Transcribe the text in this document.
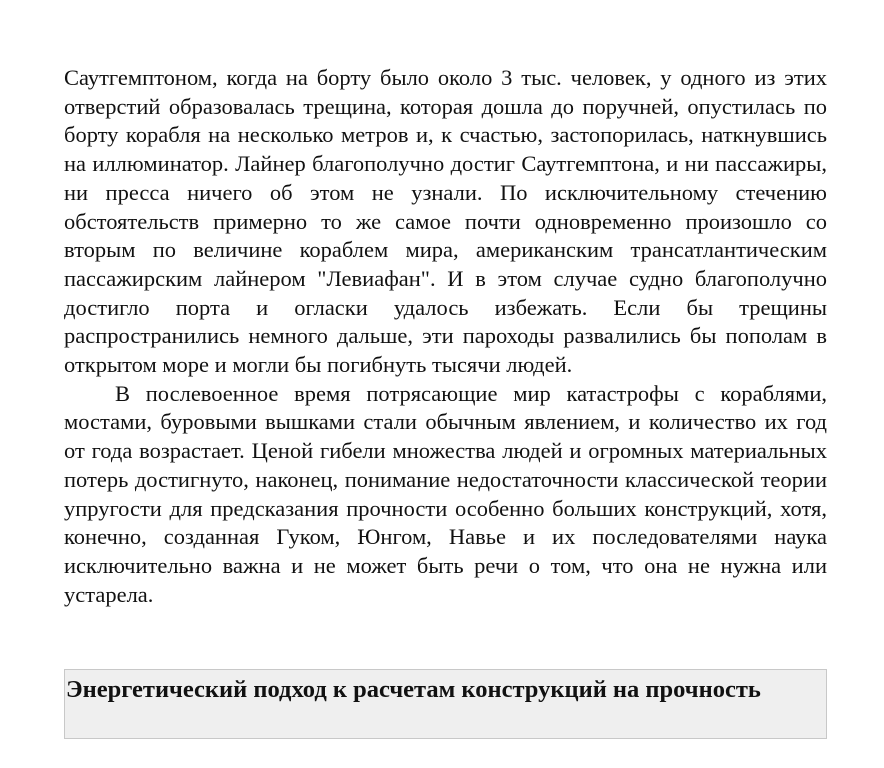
Саутгемптоном, когда на борту было около 3 тыс. человек, у одного из этих отверстий образовалась трещина, которая дошла до поручней, опустилась по борту корабля на несколько метров и, к счастью, застопорилась, наткнувшись на иллюминатор. Лайнер благополучно достиг Саутгемптона, и ни пассажиры, ни пресса ничего об этом не узнали. По исключительному стечению обстоятельств примерно то же самое почти одновременно произошло со вторым по величине кораблем мира, американским трансатлантическим пассажирским лайнером "Левиафан". И в этом случае судно благополучно достигло порта и огласки удалось избежать. Если бы трещины распространились немного дальше, эти пароходы развалились бы пополам в открытом море и могли бы погибнуть тысячи людей.

В послевоенное время потрясающие мир катастрофы с кораблями, мостами, буровыми вышками стали обычным явлением, и количество их год от года возрастает. Ценой гибели множества людей и огромных материальных потерь достигнуто, наконец, понимание недостаточности классической теории упругости для предсказания прочности особенно больших конструкций, хотя, конечно, созданная Гуком, Юнгом, Навье и их последователями наука исключительно важна и не может быть речи о том, что она не нужна или устарела.

Энергетический подход к расчетам конструкций на прочность
